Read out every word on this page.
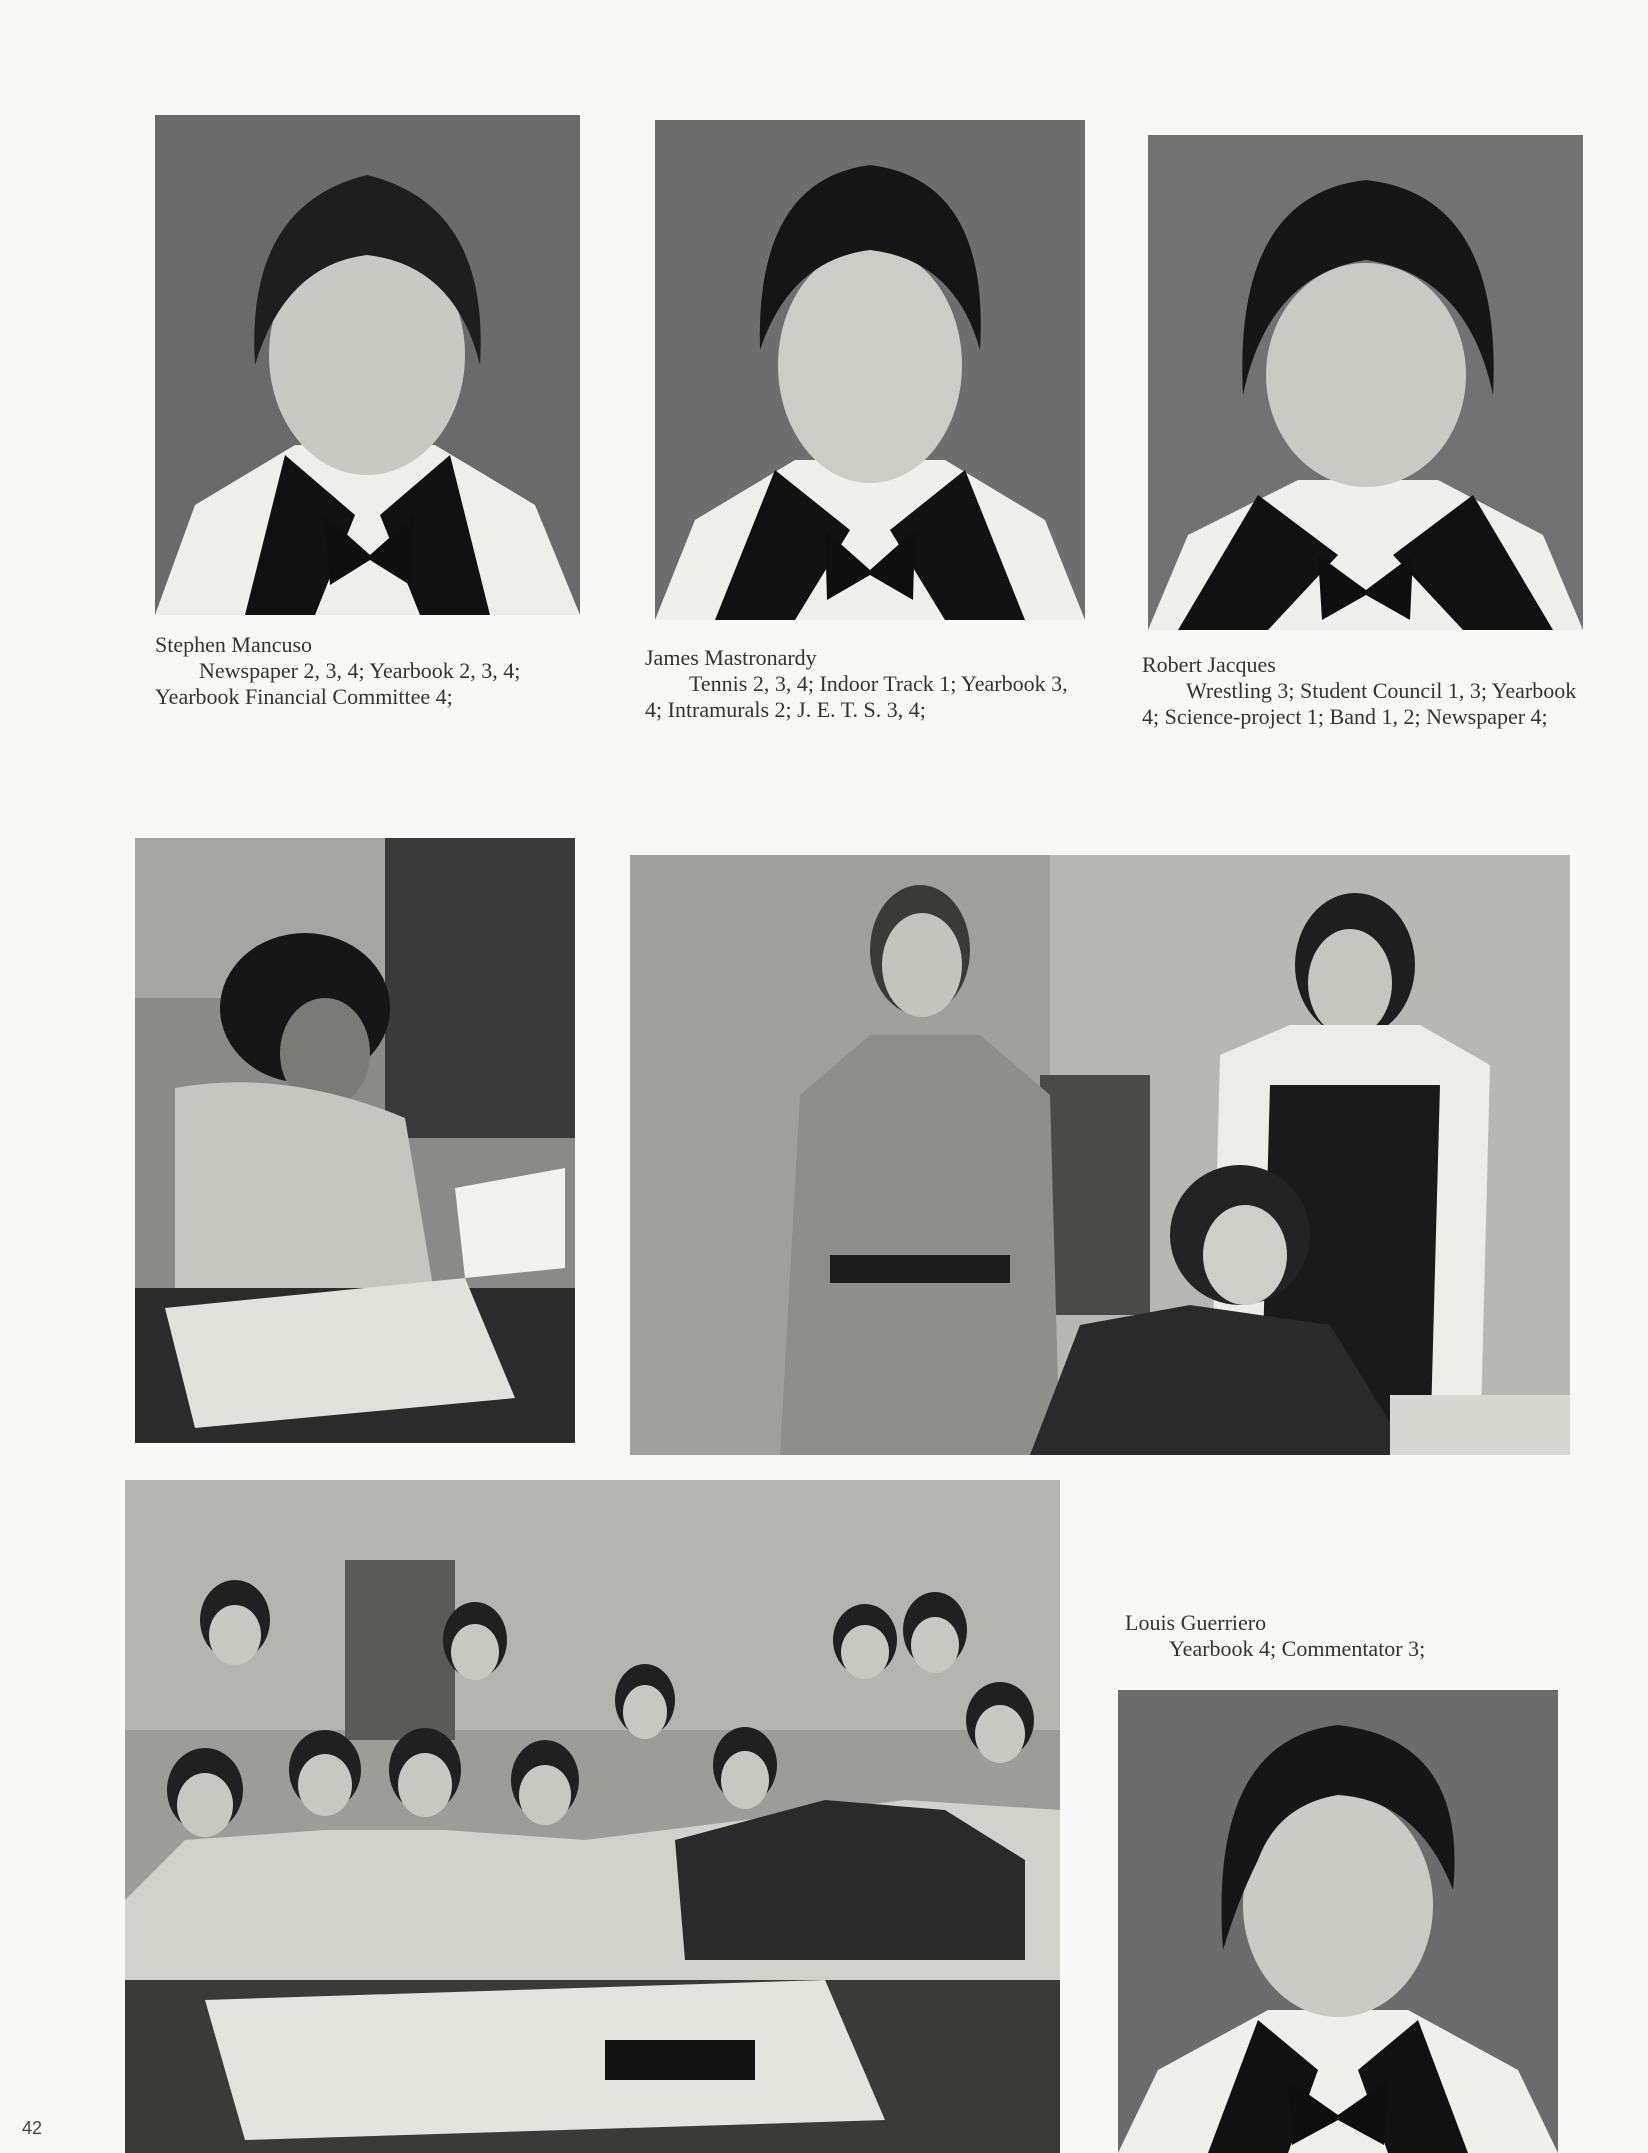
Stephen Mancuso
Newspaper 2, 3, 4; Yearbook 2, 3, 4; Yearbook Financial Committee 4;
James Mastronardy
Tennis 2, 3, 4; Indoor Track 1; Yearbook 3, 4; Intramurals 2; J. E. T. S. 3, 4;
Robert Jacques
Wrestling 3; Student Council 1, 3; Yearbook 4; Science-project 1; Band 1, 2; Newspaper 4;
Louis Guerriero
Yearbook 4; Commentator 3;
42
